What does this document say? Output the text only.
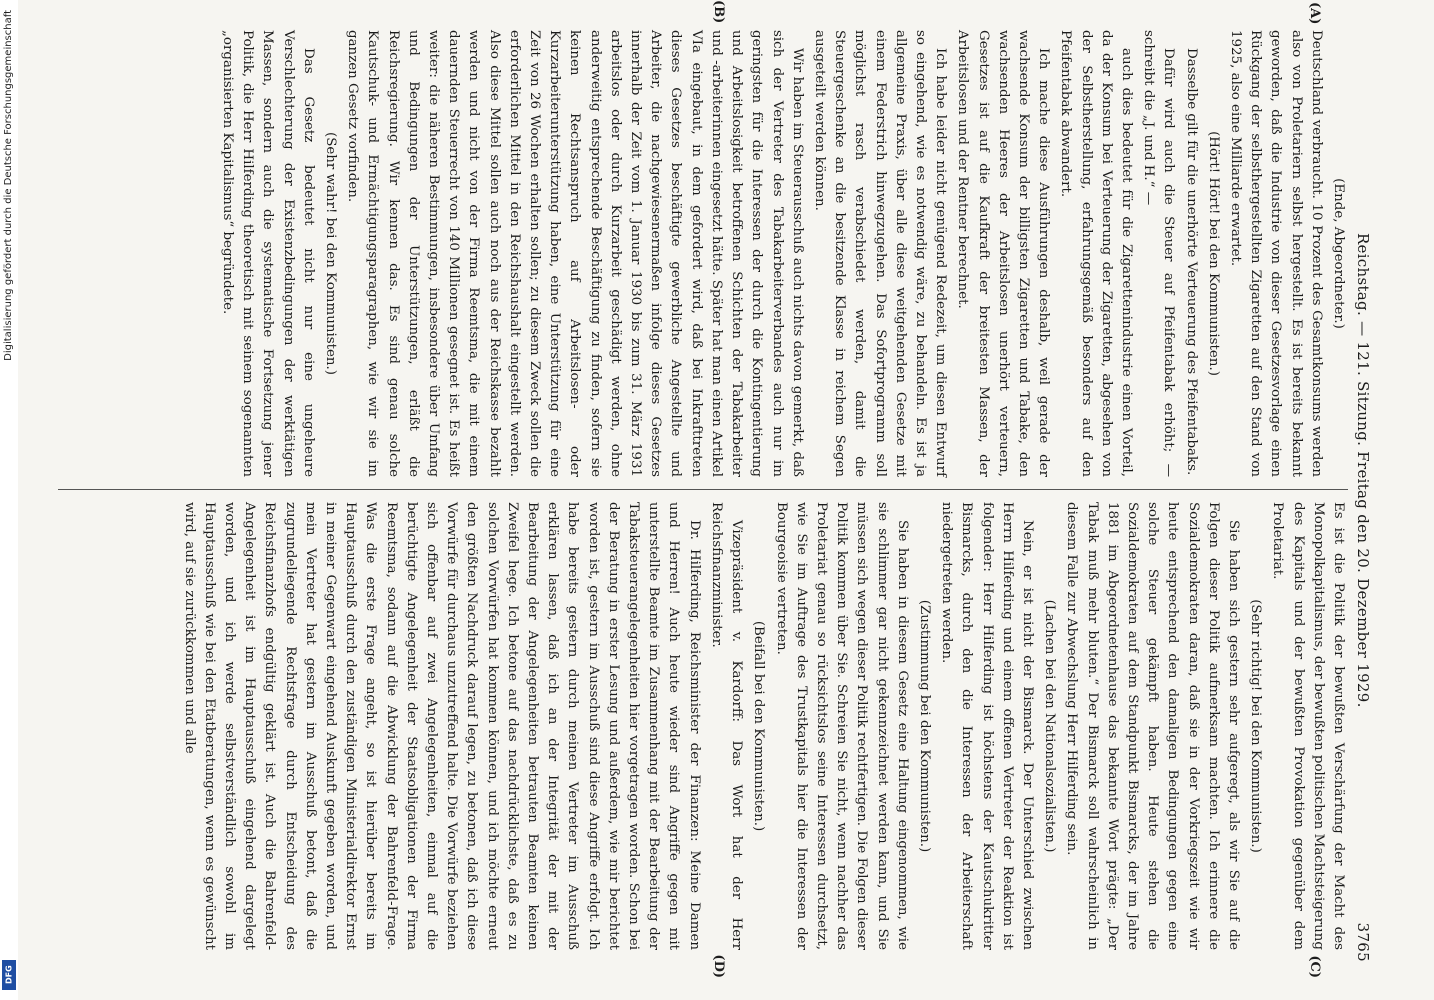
Digitalisierung gefördert durch die Deutsche Forschungsgemeinschaft
DFG
Reichstag. — 121. Sitzung. Freitag den 20. Dezember 1929.
3765
(A)
(B)

(Ende, Abgeordneter.)

Deutschland verbraucht. 10 Prozent des Gesamtkonsums werden also von Proletariern selbst hergestellt. Es ist bereits bekannt geworden, daß die Industrie von dieser Gesetzesvorlage einen Rückgang der selbsthergestellten Zigaretten auf den Stand von 1925, also eine Milliarde erwartet.

(Hört! Hört! bei den Kommunisten.)

Dasselbe gilt für die unerhörte Verteuerung des Pfeifentabaks.

Dafür wird auch die Steuer auf Pfeifentabak erhöht; — schreibt die „J. und H.“ —

auch dies bedeutet für die Zigarettenindustrie einen Vorteil, da der Konsum bei Verteuerung der Zigaretten, abgesehen von der Selbstherstellung, erfahrungsgemäß besonders auf den Pfeifentabak abwandert.

Ich mache diese Ausführungen deshalb, weil gerade der wachsende Konsum der billigsten Zigaretten und Tabake, den wachsenden Heeres der Arbeitslosen unerhört verteuern, Gesetzes ist auf die Kaufkraft der breitesten Massen, der Arbeitslosen und der Rentner berechnet.

Ich habe leider nicht genügend Redezeit, um diesen Entwurf so eingehend, wie es notwendig wäre, zu behandeln. Es ist ja allgemeine Praxis, über alle diese weitgehenden Gesetze mit einem Federstrich hinwegzugehen. Das Sofortprogramm soll möglichst rasch verabschiedet werden, damit die Steuergeschenke an die besitzende Klasse in reichem Segen ausgeteilt werden können.

Wir haben im Steuerausschuß auch nichts davon gemerkt, daß sich der Vertreter des Tabakarbeiterverbandes auch nur im geringsten für die Interessen der durch die Kontingentierung und Arbeitslosigkeit betroffenen Schichten der Tabakarbeiter und -arbeiterinnen eingesetzt hätte. Später hat man einen Artikel VIa eingebaut, in dem gefordert wird, daß bei Inkrafttreten dieses Gesetzes beschäftigte gewerbliche Angestellte und Arbeiter, die nachgewiesenermaßen infolge dieses Gesetzes innerhalb der Zeit vom 1. Januar 1930 bis zum 31. März 1931 arbeitslos oder durch Kurzarbeit geschädigt werden, ohne anderweitig entsprechende Beschäftigung zu finden, sofern sie keinen Rechtsanspruch auf Arbeitslosen- oder Kurzarbeiterunterstützung haben, eine Unterstützung für eine Zeit von 26 Wochen erhalten sollen; zu diesem Zweck sollen die erforderlichen Mittel in den Reichshaushalt eingestellt werden. Also diese Mittel sollen auch noch aus der Reichskasse bezahlt werden und nicht von der Firma Reemtsma, die mit einem dauernden Steuerrecht von 140 Millionen gesegnet ist. Es heißt weiter: die näheren Bestimmungen, insbesondere über Umfang und Bedingungen der Unterstützungen, erläßt die Reichsregierung. Wir kennen das. Es sind genau solche Kautschuk- und Ermächtigungsparagraphen, wie wir sie im ganzen Gesetz vorfinden.

(Sehr wahr! bei den Kommunisten.)

Das Gesetz bedeutet nicht nur eine ungeheure Verschlechterung der Existenzbedingungen der werktätigen Massen, sondern auch die systematische Fortsetzung jener Politik, die Herr Hilferding theoretisch mit seinem sogenannten „organisierten Kapitalismus“ begründete.

(C)
(D)

Es ist die Politik der bewußten Verschärfung der Macht des Monopolkapitalismus, der bewußten politischen Machtsteigerung des Kapitals und der bewußten Provokation gegenüber dem Proletariat.

(Sehr richtig! bei den Kommunisten.)

Sie haben sich gestern sehr aufgeregt, als wir Sie auf die Folgen dieser Politik aufmerksam machten. Ich erinnere die Sozialdemokraten daran, daß sie in der Vorkriegszeit wie wir heute entsprechend den damaligen Bedingungen gegen eine solche Steuer gekämpft haben. Heute stehen die Sozialdemokraten auf dem Standpunkt Bismarcks, der im Jahre 1881 im Abgeordnetenhause das bekannte Wort prägte: „Der Tabak muß mehr bluten.“ Der Bismarck soll wahrscheinlich in diesem Falle zur Abwechslung Herr Hilferding sein.

(Lachen bei den Nationalsozialisten.)

Nein, er ist nicht der Bismarck. Der Unterschied zwischen Herrn Hilferding und einem offenen Vertreter der Reaktion ist folgender: Herr Hilferding ist höchstens der Kautschukritter Bismarcks, durch den die Interessen der Arbeiterschaft niedergetreten werden.

(Zustimmung bei den Kommunisten.)

Sie haben in diesem Gesetz eine Haltung eingenommen, wie sie schlimmer gar nicht gekennzeichnet werden kann, und Sie müssen sich wegen dieser Politik rechtfertigen. Die Folgen dieser Politik kommen über Sie. Schreien Sie nicht, wenn nachher das Proletariat genau so rücksichtslos seine Interessen durchsetzt, wie Sie im Auftrage des Trustkapitals hier die Interessen der Bourgeoisie vertreten.

(Beifall bei den Kommunisten.)

Vizepräsident v. Kardorff: Das Wort hat der Herr Reichsfinanzminister.

Dr. Hilferding, Reichsminister der Finanzen: Meine Damen und Herren! Auch heute wieder sind Angriffe gegen mit unterstellte Beamte im Zusammenhang mit der Bearbeitung der Tabaksteuerangelegenheiten hier vorgetragen worden. Schon bei der Beratung in erster Lesung und außerdem, wie mir berichtet worden ist, gestern im Ausschuß sind diese Angriffe erfolgt. Ich habe bereits gestern durch meinen Vertreter im Ausschuß erklären lassen, daß ich an der Integrität der mit der Bearbeitung der Angelegenheiten betrauten Beamten keinen Zweifel hege. Ich betone auf das nachdrücklichste, daß es zu solchen Vorwürfen hat kommen können, und ich möchte erneut den größten Nachdruck darauf legen, zu betonen, daß ich diese Vorwürfe für durchaus unzutreffend halte. Die Vorwürfe beziehen sich offenbar auf zwei Angelegenheiten, einmal auf die berüchtigte Angelegenheit der Staatsobligationen der Firma Reemtsma, sodann auf die Abwicklung der Bahrenfeld-Frage. Was die erste Frage angeht, so ist hierüber bereits im Hauptausschuß durch den zuständigen Ministerialdirektor Ernst in meiner Gegenwart eingehend Auskunft gegeben worden, und mein Vertreter hat gestern im Ausschuß betont, daß die zugrundeliegende Rechtsfrage durch Entscheidung des Reichsfinanzhofs endgültig geklärt ist. Auch die Bahrenfeld-Angelegenheit ist im Hauptausschuß eingehend dargelegt worden, und ich werde selbstverständlich sowohl im Hauptausschuß wie bei den Etatberatungen, wenn es gewünscht wird, auf sie zurückkommen und alle
